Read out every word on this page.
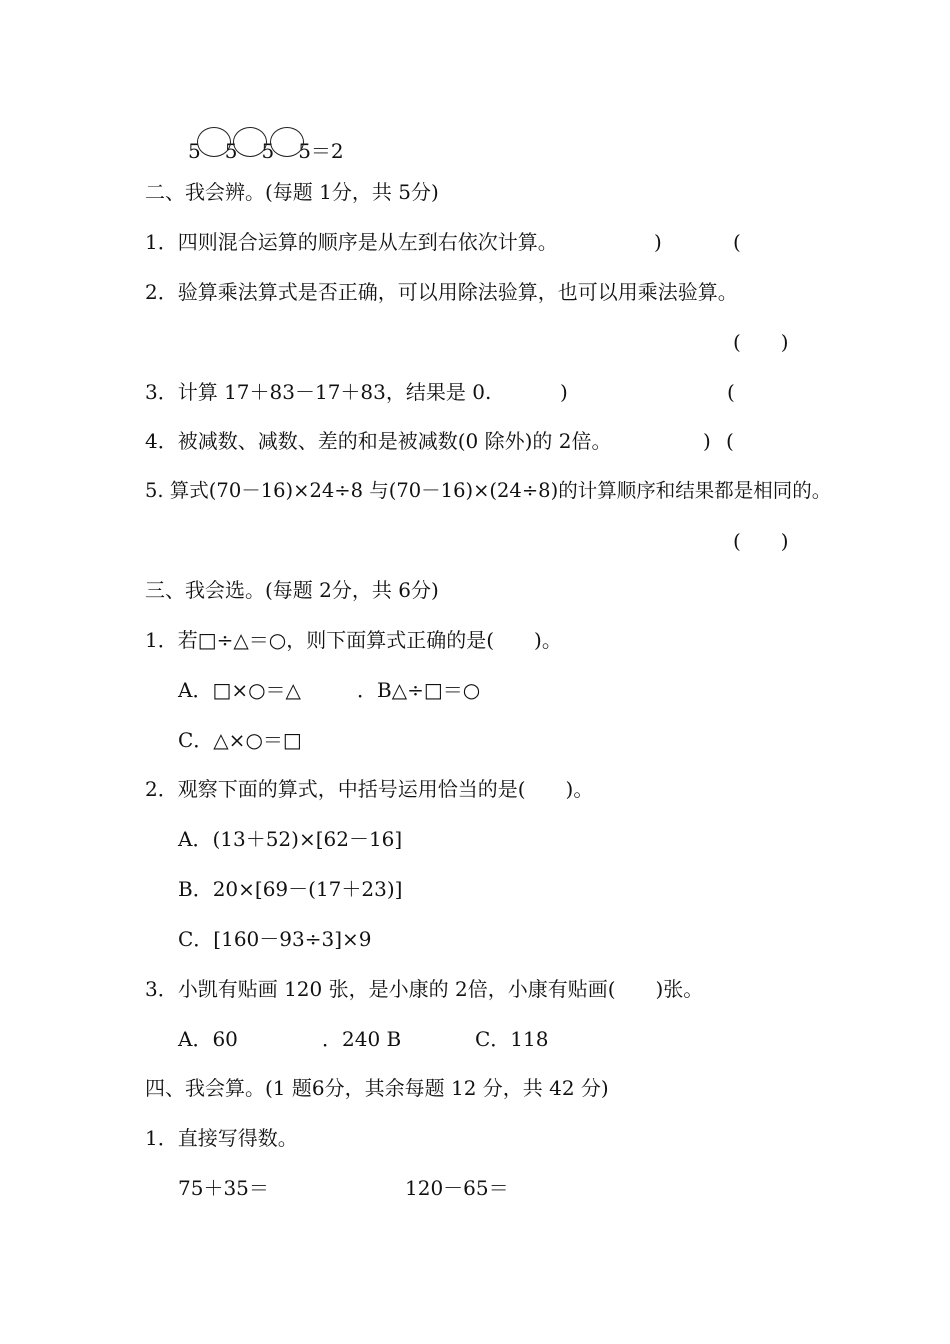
5 5 5 5＝2
二、我会辨。(每题 1分，共 5分)
1．四则混合运算的顺序是从左到右依次计算。	)	(
2．验算乘法算式是否正确，可以用除法验算，也可以用乘法验算。
(　　)
3．计算 17＋83－17＋83，结果是 0.	)	(
4．被减数、减数、差的和是被减数(0 除外)的 2倍。	) (
5. 算式(70－16)×24÷8 与(70－16)×(24÷8)的计算顺序和结果都是相同的。
(　　)
三、我会选。(每题 2分，共 6分)
1．若□÷△＝○，则下面算式正确的是(　　)。
A．□×○＝△	．B△÷□＝○
C．△×○＝□
2．观察下面的算式，中括号运用恰当的是(　　)。
A．(13＋52)×[62－16]
B．20×[69－(17＋23)]
C．[160－93÷3]×9
3．小凯有贴画 120 张，是小康的 2倍，小康有贴画(　　)张。
A．60	．240 B	C．118
四、我会算。(1 题6分，其余每题 12 分，共 42 分)
1．直接写得数。
75＋35＝	120－65＝
